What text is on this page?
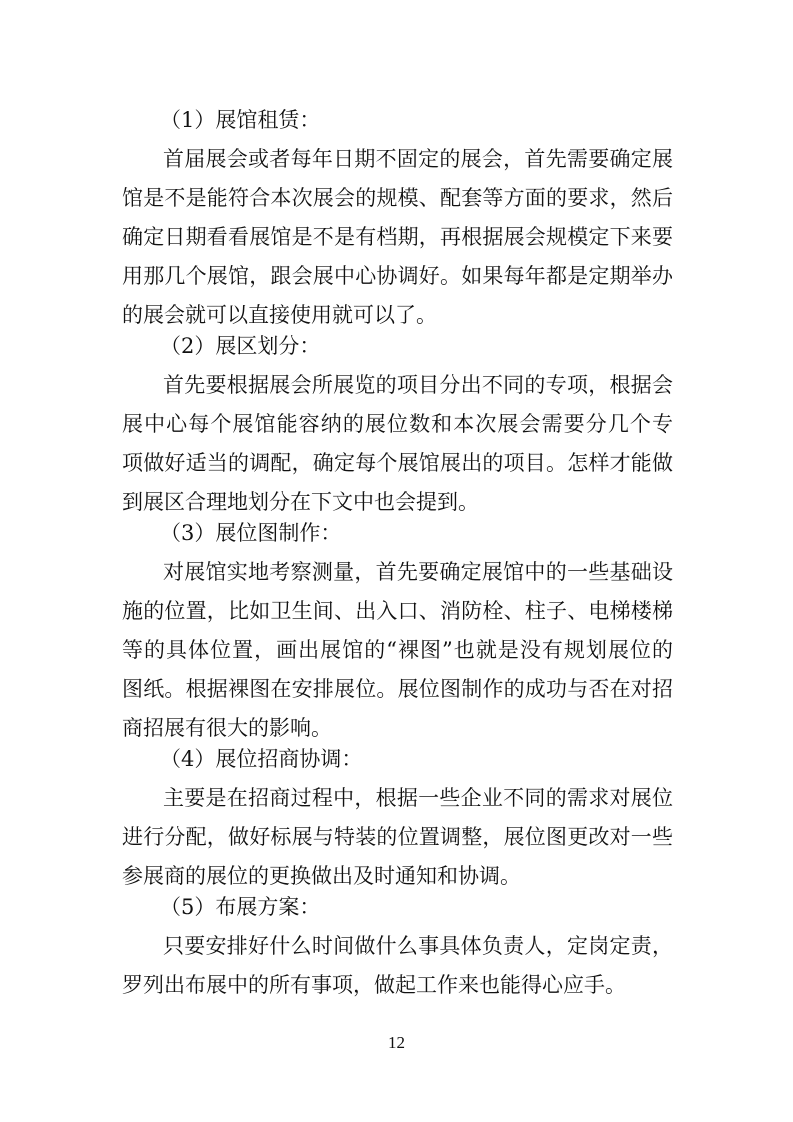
（1）展馆租赁：
首届展会或者每年日期不固定的展会，首先需要确定展
馆是不是能符合本次展会的规模、配套等方面的要求，然后
确定日期看看展馆是不是有档期，再根据展会规模定下来要
用那几个展馆，跟会展中心协调好。如果每年都是定期举办
的展会就可以直接使用就可以了。
（2）展区划分：
首先要根据展会所展览的项目分出不同的专项，根据会
展中心每个展馆能容纳的展位数和本次展会需要分几个专
项做好适当的调配，确定每个展馆展出的项目。怎样才能做
到展区合理地划分在下文中也会提到。
（3）展位图制作：
对展馆实地考察测量，首先要确定展馆中的一些基础设
施的位置，比如卫生间、出入口、消防栓、柱子、电梯楼梯
等的具体位置，画出展馆的“裸图”也就是没有规划展位的
图纸。根据裸图在安排展位。展位图制作的成功与否在对招
商招展有很大的影响。
（4）展位招商协调：
主要是在招商过程中，根据一些企业不同的需求对展位
进行分配，做好标展与特装的位置调整，展位图更改对一些
参展商的展位的更换做出及时通知和协调。
（5）布展方案：
只要安排好什么时间做什么事具体负责人，定岗定责，
罗列出布展中的所有事项，做起工作来也能得心应手。
12
